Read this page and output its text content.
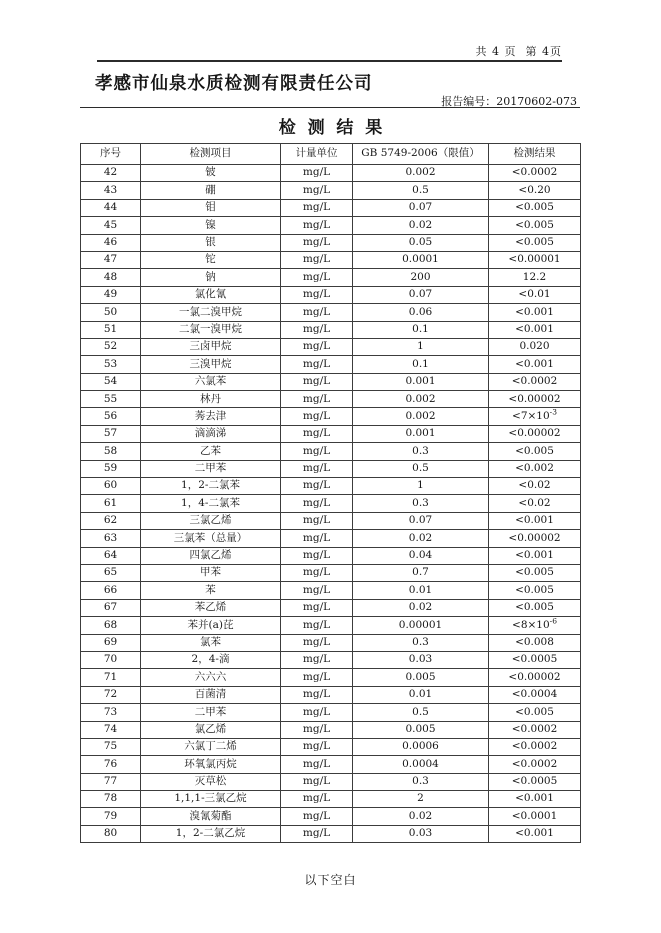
共 4 页  第 4页
孝感市仙泉水质检测有限责任公司
报告编号：20170602-073
检  测  结  果
序号	检测项目	计量单位	GB 5749-2006（限值）	检测结果
42	铍	mg/L	0.002	<0.0002
43	硼	mg/L	0.5	<0.20
44	钼	mg/L	0.07	<0.005
45	镍	mg/L	0.02	<0.005
46	银	mg/L	0.05	<0.005
47	铊	mg/L	0.0001	<0.00001
48	钠	mg/L	200	12.2
49	氯化氰	mg/L	0.07	<0.01
50	一氯二溴甲烷	mg/L	0.06	<0.001
51	二氯一溴甲烷	mg/L	0.1	<0.001
52	三卤甲烷	mg/L	1	0.020
53	三溴甲烷	mg/L	0.1	<0.001
54	六氯苯	mg/L	0.001	<0.0002
55	林丹	mg/L	0.002	<0.00002
56	莠去津	mg/L	0.002	$<7\times 10^{-3}$
57	滴滴涕	mg/L	0.001	<0.00002
58	乙苯	mg/L	0.3	<0.005
59	二甲苯	mg/L	0.5	<0.002
60	1，2-二氯苯	mg/L	1	<0.02
61	1，4-二氯苯	mg/L	0.3	<0.02
62	三氯乙烯	mg/L	0.07	<0.001
63	三氯苯（总量）	mg/L	0.02	<0.00002
64	四氯乙烯	mg/L	0.04	<0.001
65	甲苯	mg/L	0.7	<0.005
66	苯	mg/L	0.01	<0.005
67	苯乙烯	mg/L	0.02	<0.005
68	苯并(a)芘	mg/L	0.00001	$<8\times 10^{-6}$
69	氯苯	mg/L	0.3	<0.008
70	2，4-滴	mg/L	0.03	<0.0005
71	六六六	mg/L	0.005	<0.00002
72	百菌清	mg/L	0.01	<0.0004
73	二甲苯	mg/L	0.5	<0.005
74	氯乙烯	mg/L	0.005	<0.0002
75	六氯丁二烯	mg/L	0.0006	<0.0002
76	环氧氯丙烷	mg/L	0.0004	<0.0002
77	灭草松	mg/L	0.3	<0.0005
78	1,1,1-三氯乙烷	mg/L	2	<0.001
79	溴氰菊酯	mg/L	0.02	<0.0001
80	1，2-二氯乙烷	mg/L	0.03	<0.001
以下空白
